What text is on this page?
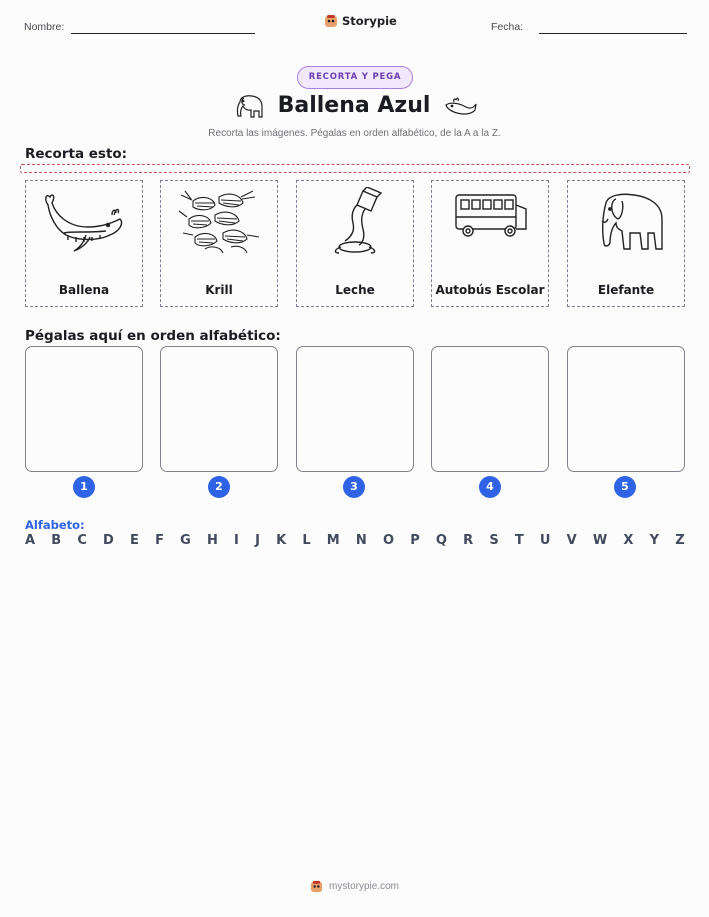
Nombre:	Storypie	Fecha:
RECORTA Y PEGA
Ballena Azul
Recorta las imágenes. Pégalas en orden alfabético, de la A a la Z.
Recorta esto:
Ballena	Krill	Leche	Autobús Escolar	Elefante
Pégalas aquí en orden alfabético:
1	2	3	4	5
Alfabeto:
A B C D E F G H I J K L M N O P Q R S T U V W X Y Z
mystorypie.com
